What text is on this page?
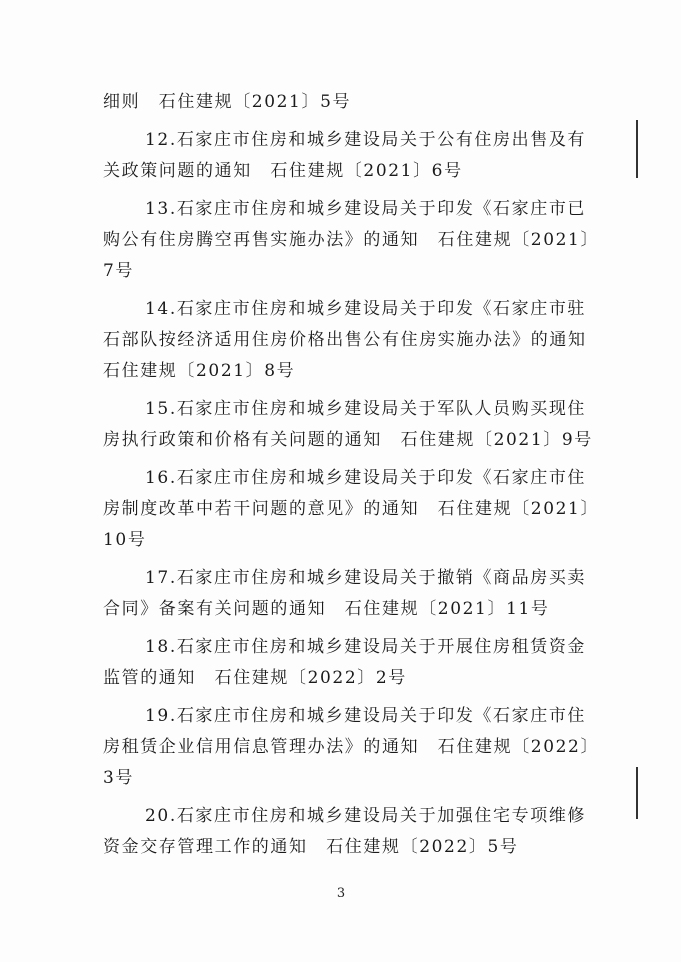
细则　石住建规〔2021〕5号
12.石家庄市住房和城乡建设局关于公有住房出售及有
关政策问题的通知　石住建规〔2021〕6号
13.石家庄市住房和城乡建设局关于印发《石家庄市已
购公有住房腾空再售实施办法》的通知　石住建规〔2021〕
7号
14.石家庄市住房和城乡建设局关于印发《石家庄市驻
石部队按经济适用住房价格出售公有住房实施办法》的通知
石住建规〔2021〕8号
15.石家庄市住房和城乡建设局关于军队人员购买现住
房执行政策和价格有关问题的通知　石住建规〔2021〕9号
16.石家庄市住房和城乡建设局关于印发《石家庄市住
房制度改革中若干问题的意见》的通知　石住建规〔2021〕
10号
17.石家庄市住房和城乡建设局关于撤销《商品房买卖
合同》备案有关问题的通知　石住建规〔2021〕11号
18.石家庄市住房和城乡建设局关于开展住房租赁资金
监管的通知　石住建规〔2022〕2号
19.石家庄市住房和城乡建设局关于印发《石家庄市住
房租赁企业信用信息管理办法》的通知　石住建规〔2022〕
3号
20.石家庄市住房和城乡建设局关于加强住宅专项维修
资金交存管理工作的通知　石住建规〔2022〕5号
3
